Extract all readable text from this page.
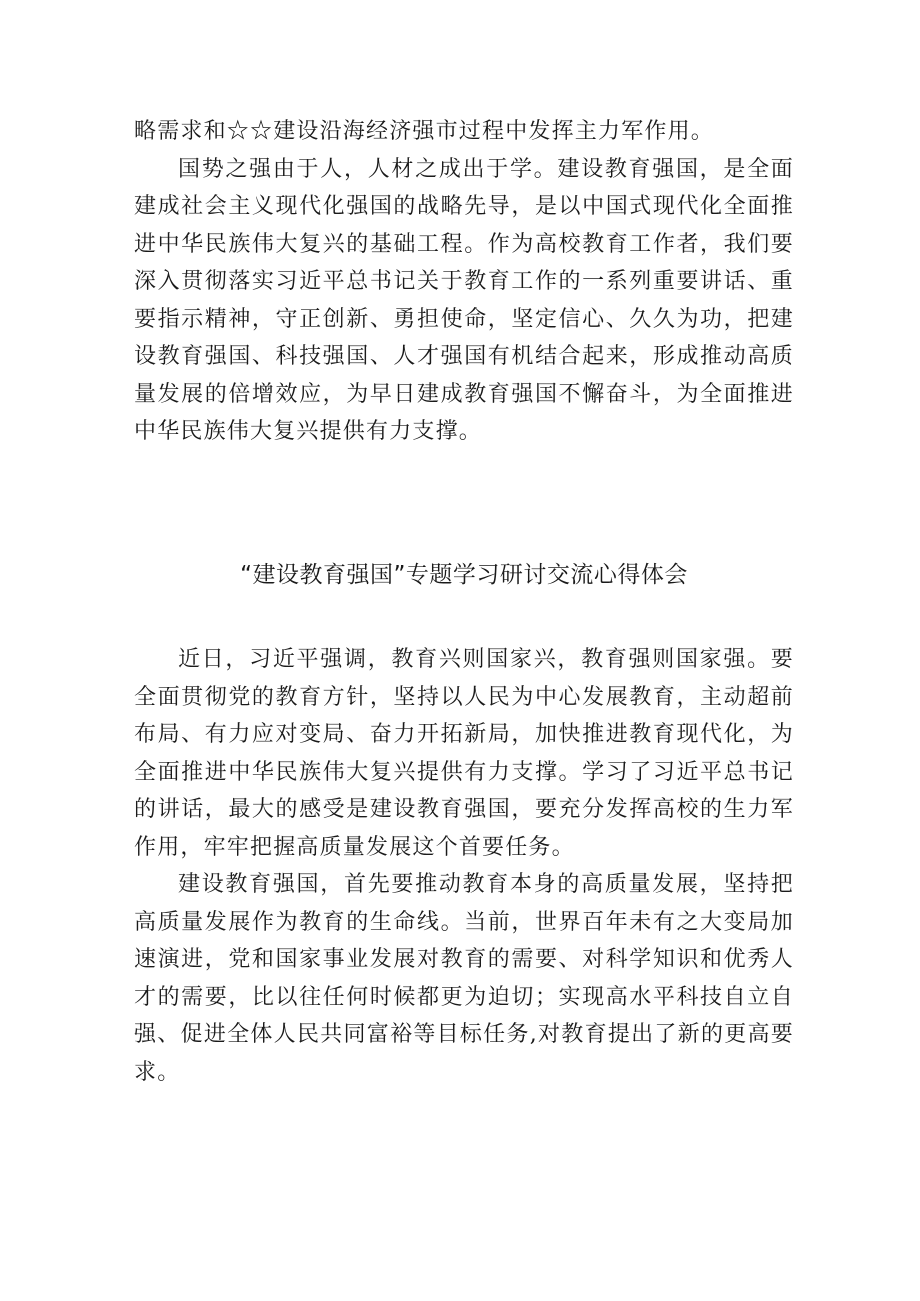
略需求和☆☆建设沿海经济强市过程中发挥主力军作用。

国势之强由于人，人材之成出于学。建设教育强国，是全面建成社会主义现代化强国的战略先导，是以中国式现代化全面推进中华民族伟大复兴的基础工程。作为高校教育工作者，我们要深入贯彻落实习近平总书记关于教育工作的一系列重要讲话、重要指示精神，守正创新、勇担使命，坚定信心、久久为功，把建设教育强国、科技强国、人才强国有机结合起来，形成推动高质量发展的倍增效应，为早日建成教育强国不懈奋斗，为全面推进中华民族伟大复兴提供有力支撑。

“建设教育强国”专题学习研讨交流心得体会

近日，习近平强调，教育兴则国家兴，教育强则国家强。要全面贯彻党的教育方针，坚持以人民为中心发展教育，主动超前布局、有力应对变局、奋力开拓新局，加快推进教育现代化，为全面推进中华民族伟大复兴提供有力支撑。学习了习近平总书记的讲话，最大的感受是建设教育强国，要充分发挥高校的生力军作用，牢牢把握高质量发展这个首要任务。

建设教育强国，首先要推动教育本身的高质量发展，坚持把高质量发展作为教育的生命线。当前，世界百年未有之大变局加速演进，党和国家事业发展对教育的需要、对科学知识和优秀人才的需要，比以往任何时候都更为迫切；实现高水平科技自立自强、促进全体人民共同富裕等目标任务,对教育提出了新的更高要求。
